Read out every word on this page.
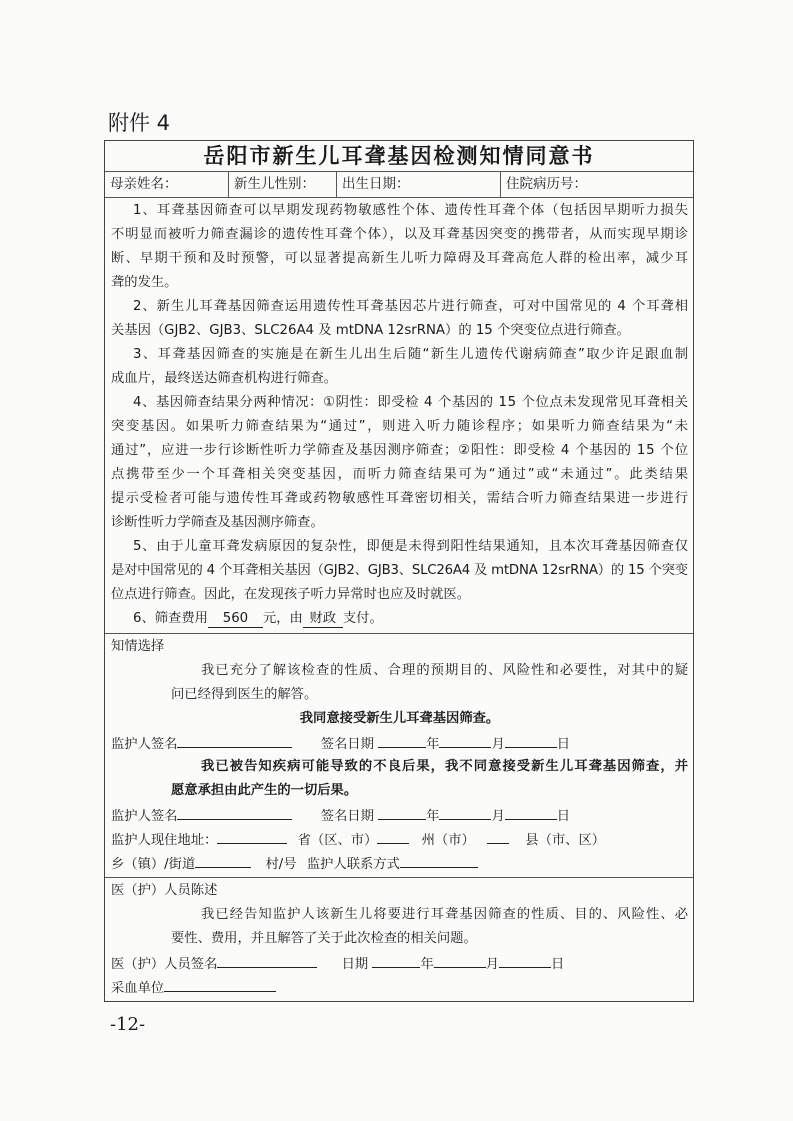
附件 4
岳阳市新生儿耳聋基因检测知情同意书
母亲姓名：	新生儿性别：	出生日期：	住院病历号：
1、耳聋基因筛查可以早期发现药物敏感性个体、遗传性耳聋个体（包括因早期听力损失
不明显而被听力筛查漏诊的遗传性耳聋个体），以及耳聋基因突变的携带者，从而实现早期诊
断、早期干预和及时预警，可以显著提高新生儿听力障碍及耳聋高危人群的检出率，减少耳
聋的发生。
2、新生儿耳聋基因筛查运用遗传性耳聋基因芯片进行筛查，可对中国常见的 4 个耳聋相
关基因（GJB2、GJB3、SLC26A4 及 mtDNA 12srRNA）的 15 个突变位点进行筛查。
3、耳聋基因筛查的实施是在新生儿出生后随“新生儿遗传代谢病筛查”取少许足跟血制
成血片，最终送达筛查机构进行筛查。
4、基因筛查结果分两种情况：①阴性：即受检 4 个基因的 15 个位点未发现常见耳聋相关
突变基因。如果听力筛查结果为“通过”，则进入听力随诊程序；如果听力筛查结果为“未
通过”，应进一步行诊断性听力学筛查及基因测序筛查；②阳性：即受检 4 个基因的 15 个位
点携带至少一个耳聋相关突变基因，而听力筛查结果可为“通过”或“未通过”。此类结果
提示受检者可能与遗传性耳聋或药物敏感性耳聋密切相关，需结合听力筛查结果进一步进行
诊断性听力学筛查及基因测序筛查。
5、由于儿童耳聋发病原因的复杂性，即便是未得到阳性结果通知，且本次耳聋基因筛查仅
是对中国常见的 4 个耳聋相关基因（GJB2、GJB3、SLC26A4 及 mtDNA 12srRNA）的 15 个突变
位点进行筛查。因此，在发现孩子听力异常时也应及时就医。
6、筛查费用 560 元，由 财政 支付。
知情选择
我已充分了解该检查的性质、合理的预期目的、风险性和必要性，对其中的疑
问已经得到医生的解答。
我同意接受新生儿耳聋基因筛查。
监护人签名	签名日期	年	月	日
我已被告知疾病可能导致的不良后果，我不同意接受新生儿耳聋基因筛查，并
愿意承担由此产生的一切后果。
监护人签名	签名日期	年	月	日
监护人现住地址：	省（区、市）	州（市）	县（市、区）
乡（镇）/街道	村/号 监护人联系方式
医（护）人员陈述
我已经告知监护人该新生儿将要进行耳聋基因筛查的性质、目的、风险性、必
要性、费用，并且解答了关于此次检查的相关问题。
医（护）人员签名	日期	年	月	日
采血单位
-12-
